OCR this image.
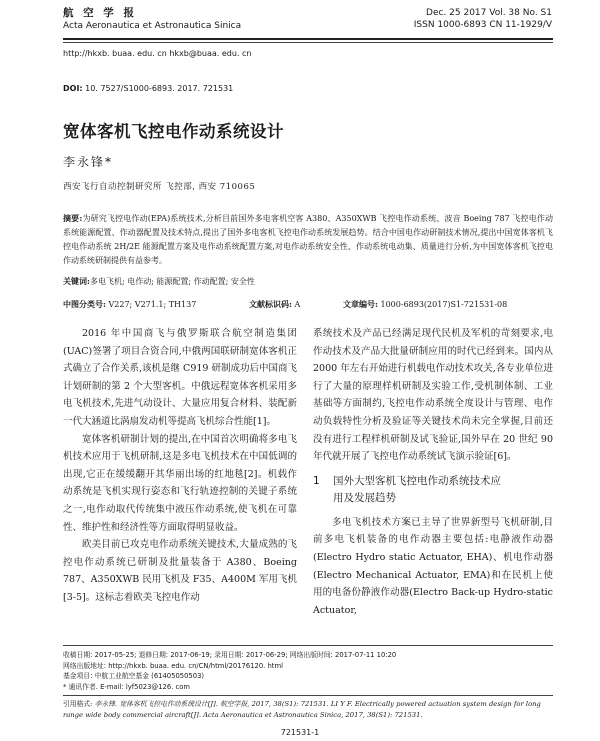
航 空 学 报
Acta Aeronautica et Astronautica Sinica
Dec. 25 2017 Vol. 38 No. S1
ISSN 1000-6893 CN 11-1929/V
http://hkxb. buaa. edu. cn hkxb@buaa. edu. cn
DOI: 10. 7527/S1000-6893. 2017. 721531
宽体客机飞控电作动系统设计
李永锋*
西安飞行自动控制研究所 飞控部, 西安 710065
摘要:为研究飞控电作动(EPA)系统技术,分析目前国外多电客机空客 A380、A350XWB 飞控电作动系统、波音 Boeing 787 飞控电作动系统能源配置、作动器配置及技术特点,提出了国外多电客机飞控电作动系统发展趋势。结合中国电作动研制技术情况,提出中国宽体客机飞控电作动系统 2H/2E 能源配置方案及电作动系统配置方案,对电作动系统安全性、作动系统电动集、质量进行分析,为中国宽体客机飞控电作动系统研制提供有益参考。
关键词:多电飞机; 电作动; 能源配置; 作动配置; 安全性
中图分类号: V227; V271.1; TH137	文献标识码: A	文章编号: 1000-6893(2017)S1-721531-08

2016 年中国商飞与俄罗斯联合航空制造集团(UAC)签署了项目合资合同,中俄两国联研制宽体客机正式确立了合作关系,该机是继 C919 研制成功后中国商飞计划研制的第 2 个大型客机。中俄远程宽体客机采用多电飞机技术,先进气动设计、大量应用复合材料、装配新一代大涵道比涡扇发动机等提高飞机综合性能[1]。

宽体客机研制计划的提出,在中国首次明确将多电飞机技术应用于飞机研制,这是多电飞机技术在中国低调的出现,它正在缓缓翻开其华丽出场的红地毯[2]。机载作动系统是飞机实现行姿态和飞行轨迹控制的关键子系统之一,电作动取代传统集中液压作动系统,使飞机在可靠性、维护性和经济性等方面取得明显收益。

欧美目前已攻克电作动系统关键技术,大量成熟的飞控电作动系统已研制及批量装备于 A380、Boeing 787、A350XWB 民用飞机及 F35、A400M 军用飞机[3-5]。这标志着欧美飞控电作动

系统技术及产品已经满足现代民机及军机的苛刻要求,电作动技术及产品大批量研制应用的时代已经到来。国内从 2000 年左右开始进行机载电作动技术攻关,各专业单位进行了大量的原理样机研制及实验工作,受机制体制、工业基础等方面制约,飞控电作动系统全度设计与管理、电作动负载特性分析及验证等关键技术尚未完全掌握,目前还没有进行工程样机研制及试飞验证,国外早在 20 世纪 90 年代就开展了飞控电作动系统试飞演示验证[6]。

1 国外大型客机飞控电作动系统技术应
用及发展趋势

多电飞机技术方案已主导了世界新型号飞机研制,目前多电飞机装备的电作动器主要包括:电静液作动器(Electro Hydro static Actuator, EHA)、机电作动器(Electro Mechanical Actuator, EMA)和在民机上使用的电备份静液作动器(Electro Back-up Hydro-static Actuator,

收稿日期: 2017-05-25; 退修日期: 2017-06-19; 录用日期: 2017-06-29; 网络出版时间: 2017-07-11 10:20
网络出版地址: http://hkxb. buaa. edu. cn/CN/html/20176120. html
基金项目: 中航工业航空基金 (61405050503)
* 通讯作者. E-mail: lyf5023@126. com
引用格式: 李永锋. 宽体客机飞控电作动系统设计[J]. 航空学报, 2017, 38(S1): 721531. LI Y F. Electrically powered actuation system design for long range wide body commercial aircraft[J]. Acta Aeronautica et Astronautica Sinica, 2017, 38(S1): 721531.
721531-1
